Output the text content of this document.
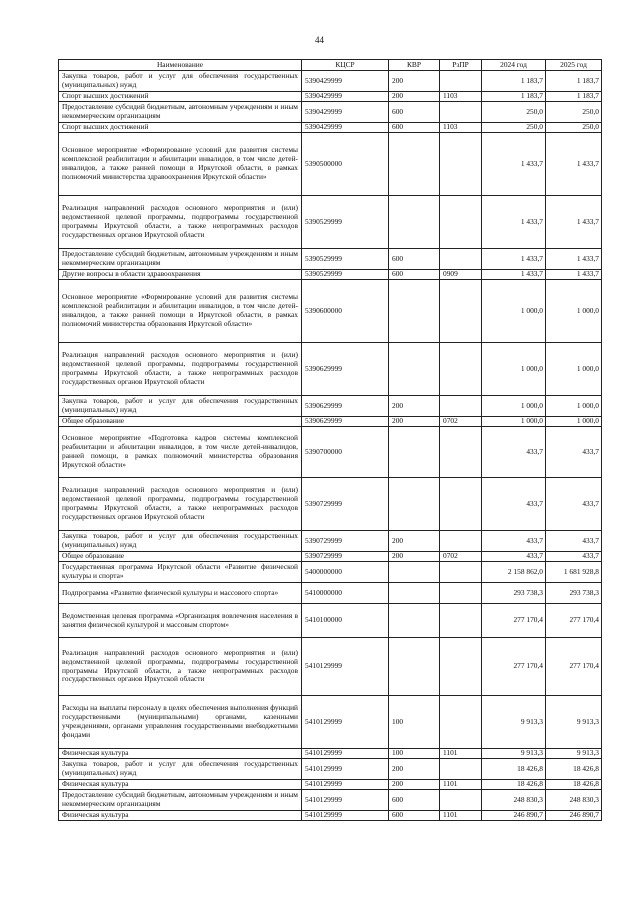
44
Наименование	КЦСР	КВР	РзПР	2024 год	2025 год
Закупка товаров, работ и услуг для обеспечения государственных (муниципальных) нужд	5390429999	200		1 183,7	1 183,7
Спорт высших достижений	5390429999	200	1103	1 183,7	1 183,7
Предоставление субсидий бюджетным, автономным учреждениям и иным некоммерческим организациям	5390429999	600		250,0	250,0
Спорт высших достижений	5390429999	600	1103	250,0	250,0
Основное мероприятие «Формирование условий для развития системы комплексной реабилитации и абилитации инвалидов, в том числе детей-инвалидов, а также ранней помощи в Иркутской области, в рамках полномочий министерства здравоохранения Иркутской области»	5390500000			1 433,7	1 433,7
Реализация направлений расходов основного мероприятия и (или) ведомственной целевой программы, подпрограммы государственной программы Иркутской области, а также непрограммных расходов государственных органов Иркутской области	5390529999			1 433,7	1 433,7
Предоставление субсидий бюджетным, автономным учреждениям и иным некоммерческим организациям	5390529999	600		1 433,7	1 433,7
Другие вопросы в области здравоохранения	5390529999	600	0909	1 433,7	1 433,7
Основное мероприятие «Формирование условий для развития системы комплексной реабилитации и абилитации инвалидов, в том числе детей-инвалидов, а также ранней помощи в Иркутской области, в рамках полномочий министерства образования Иркутской области»	5390600000			1 000,0	1 000,0
Реализация направлений расходов основного мероприятия и (или) ведомственной целевой программы, подпрограммы государственной программы Иркутской области, а также непрограммных расходов государственных органов Иркутской области	5390629999			1 000,0	1 000,0
Закупка товаров, работ и услуг для обеспечения государственных (муниципальных) нужд	5390629999	200		1 000,0	1 000,0
Общее образование	5390629999	200	0702	1 000,0	1 000,0
Основное мероприятие «Подготовка кадров системы комплексной реабилитации и абилитации инвалидов, в том числе детей-инвалидов, ранней помощи, в рамках полномочий министерства образования Иркутской области»	5390700000			433,7	433,7
Реализация направлений расходов основного мероприятия и (или) ведомственной целевой программы, подпрограммы государственной программы Иркутской области, а также непрограммных расходов государственных органов Иркутской области	5390729999			433,7	433,7
Закупка товаров, работ и услуг для обеспечения государственных (муниципальных) нужд	5390729999	200		433,7	433,7
Общее образование	5390729999	200	0702	433,7	433,7
Государственная программа Иркутской области «Развитие физической культуры и спорта»	5400000000			2 158 862,0	1 681 928,8
Подпрограмма «Развитие физической культуры и массового спорта»	5410000000			293 738,3	293 738,3
Ведомственная целевая программа «Организация вовлечения населения в занятия физической культурой и массовым спортом»	5410100000			277 170,4	277 170,4
Реализация направлений расходов основного мероприятия и (или) ведомственной целевой программы, подпрограммы государственной программы Иркутской области, а также непрограммных расходов государственных органов Иркутской области	5410129999			277 170,4	277 170,4
Расходы на выплаты персоналу в целях обеспечения выполнения функций государственными (муниципальными) органами, казенными учреждениями, органами управления государственными внебюджетными фондами	5410129999	100		9 913,3	9 913,3
Физическая культура	5410129999	100	1101	9 913,3	9 913,3
Закупка товаров, работ и услуг для обеспечения государственных (муниципальных) нужд	5410129999	200		18 426,8	18 426,8
Физическая культура	5410129999	200	1101	18 426,8	18 426,8
Предоставление субсидий бюджетным, автономным учреждениям и иным некоммерческим организациям	5410129999	600		248 830,3	248 830,3
Физическая культура	5410129999	600	1101	246 890,7	246 890,7
